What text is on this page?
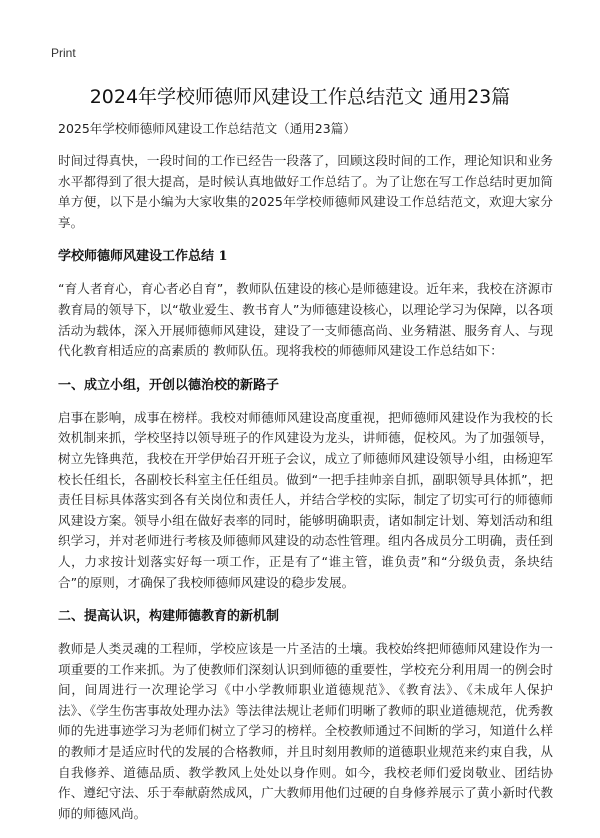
Print
2024年学校师德师风建设工作总结范文 通用23篇

2025年学校师德师风建设工作总结范文（通用23篇）

时间过得真快，一段时间的工作已经告一段落了，回顾这段时间的工作，理论知识和业务水平都得到了很大提高，是时候认真地做好工作总结了。为了让您在写工作总结时更加简单方便，以下是小编为大家收集的2025年学校师德师风建设工作总结范文，欢迎大家分享。

学校师德师风建设工作总结 1

“育人者育心，育心者必自育”，教师队伍建设的核心是师德建设。近年来，我校在济源市教育局的领导下，以“敬业爱生、教书育人”为师德建设核心，以理论学习为保障，以各项活动为载体，深入开展师德师风建设，建设了一支师德高尚、业务精湛、服务育人、与现代化教育相适应的高素质的 教师队伍。现将我校的师德师风建设工作总结如下：

一、成立小组，开创以德治校的新路子

启事在影响，成事在榜样。我校对师德师风建设高度重视，把师德师风建设作为我校的长效机制来抓，学校坚持以领导班子的作风建设为龙头，讲师德，促校风。为了加强领导，树立先锋典范，我校在开学伊始召开班子会议，成立了师德师风建设领导小组，由杨迎军校长任组长，各副校长科室主任任组员。做到“一把手挂帅亲自抓，副职领导具体抓”，把责任目标具体落实到各有关岗位和责任人，并结合学校的实际，制定了切实可行的师德师风建设方案。领导小组在做好表率的同时，能够明确职责，诸如制定计划、筹划活动和组织学习，并对老师进行考核及师德师风建设的动态性管理。组内各成员分工明确，责任到人，力求按计划落实好每一项工作，正是有了“谁主管，谁负责”和“分级负责，条块结合”的原则，才确保了我校师德师风建设的稳步发展。

二、提高认识，构建师德教育的新机制

教师是人类灵魂的工程师，学校应该是一片圣洁的土壤。我校始终把师德师风建设作为一项重要的工作来抓。为了使教师们深刻认识到师德的重要性，学校充分利用周一的例会时间，间周进行一次理论学习《中小学教师职业道德规范》、《教育法》、《未成年人保护法》、《学生伤害事故处理办法》等法律法规让老师们明晰了教师的职业道德规范，优秀教师的先进事迹学习为老师们树立了学习的榜样。全校教师通过不间断的学习，知道什么样的教师才是适应时代的发展的合格教师，并且时刻用教师的道德职业规范来约束自我，从自我修养、道德品质、教学教风上处处以身作则。如今，我校老师们爱岗敬业、团结协作、遵纪守法、乐于奉献蔚然成风，广大教师用他们过硬的自身修养展示了黄小新时代教师的师德风尚。
